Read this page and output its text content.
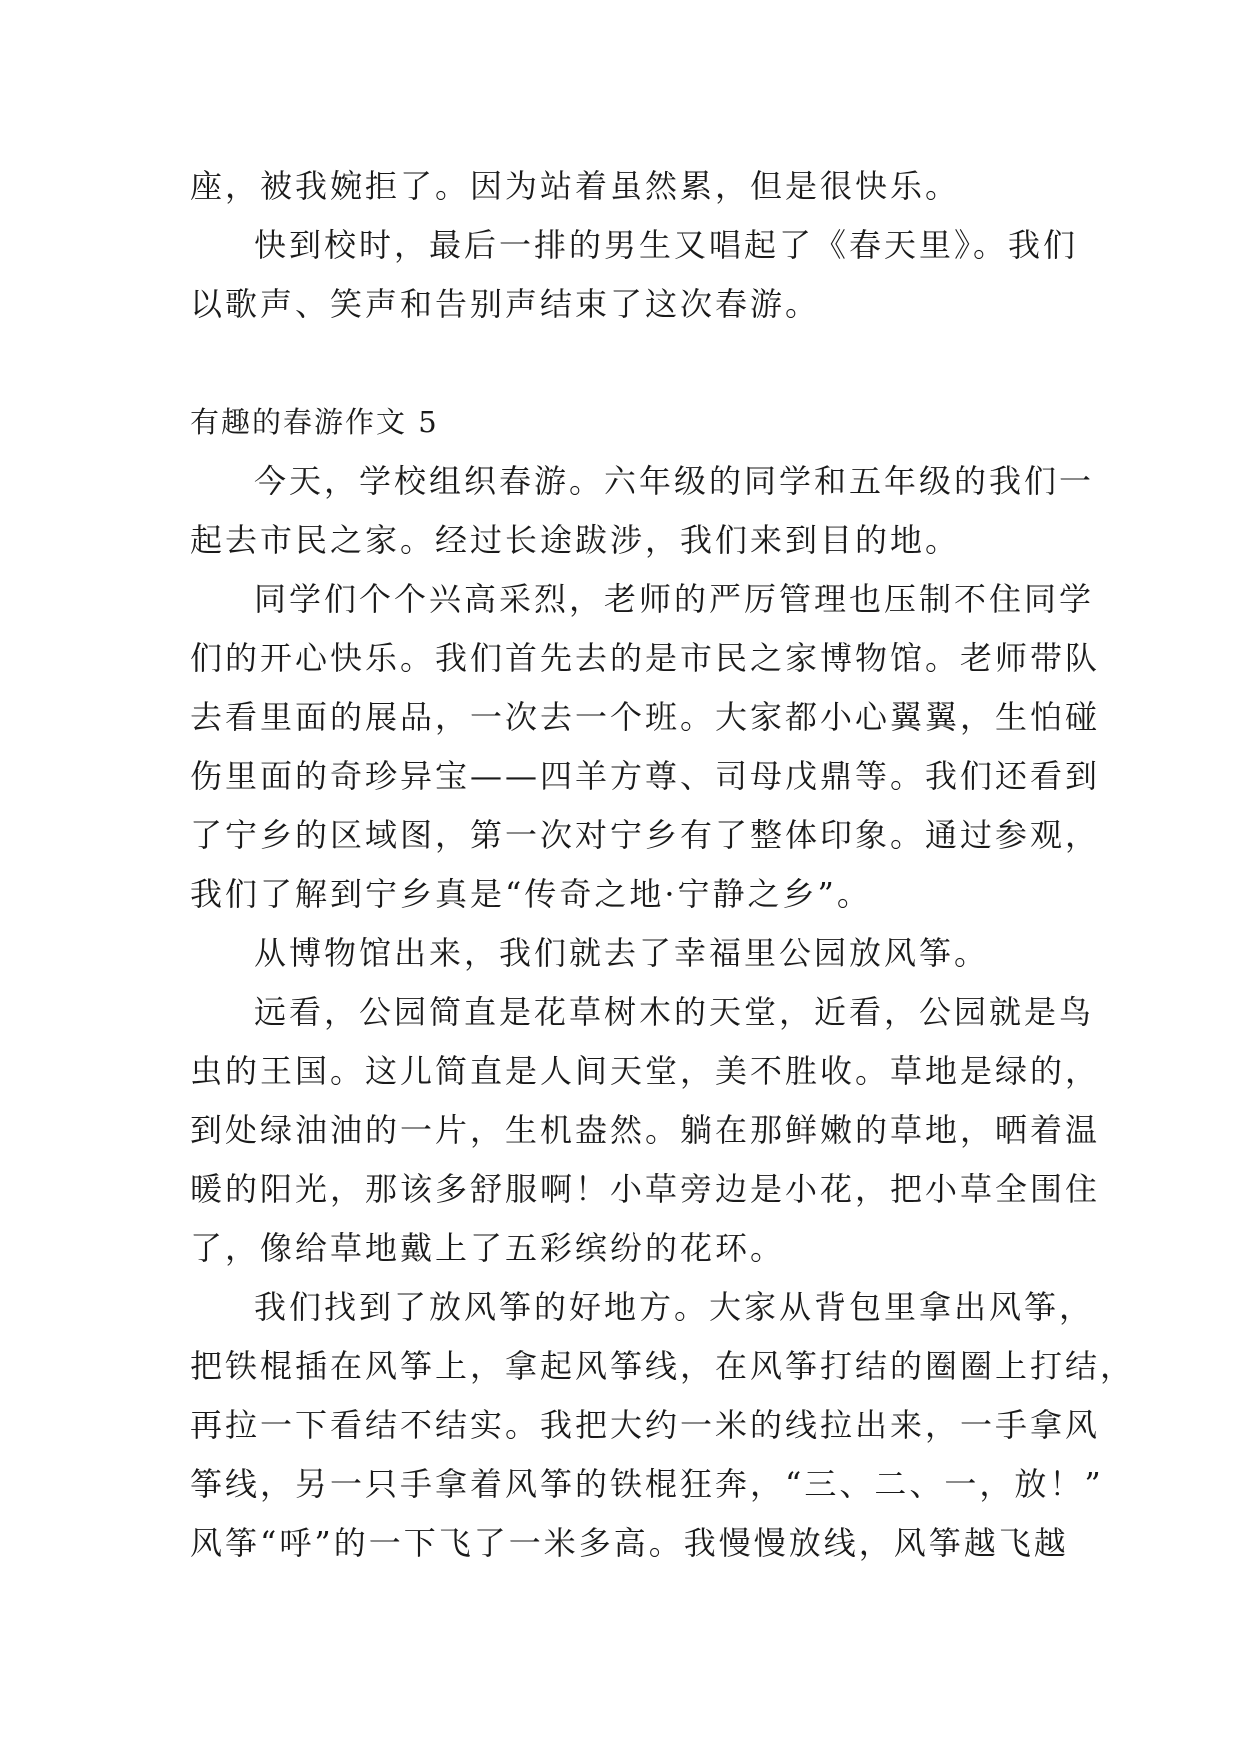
座，被我婉拒了。因为站着虽然累，但是很快乐。
快到校时，最后一排的男生又唱起了《春天里》。我们
以歌声、笑声和告别声结束了这次春游。
有趣的春游作文 5
今天，学校组织春游。六年级的同学和五年级的我们一
起去市民之家。经过长途跋涉，我们来到目的地。
同学们个个兴高采烈，老师的严厉管理也压制不住同学
们的开心快乐。我们首先去的是市民之家博物馆。老师带队
去看里面的展品，一次去一个班。大家都小心翼翼，生怕碰
伤里面的奇珍异宝——四羊方尊、司母戊鼎等。我们还看到
了宁乡的区域图，第一次对宁乡有了整体印象。通过参观，
我们了解到宁乡真是“传奇之地·宁静之乡”。
从博物馆出来，我们就去了幸福里公园放风筝。
远看，公园简直是花草树木的天堂，近看，公园就是鸟
虫的王国。这儿简直是人间天堂，美不胜收。草地是绿的，
到处绿油油的一片，生机盎然。躺在那鲜嫩的草地，晒着温
暖的阳光，那该多舒服啊！小草旁边是小花，把小草全围住
了，像给草地戴上了五彩缤纷的花环。
我们找到了放风筝的好地方。大家从背包里拿出风筝，
把铁棍插在风筝上，拿起风筝线，在风筝打结的圈圈上打结，
再拉一下看结不结实。我把大约一米的线拉出来，一手拿风
筝线，另一只手拿着风筝的铁棍狂奔，“三、二、一，放！”
风筝“呼”的一下飞了一米多高。我慢慢放线，风筝越飞越
